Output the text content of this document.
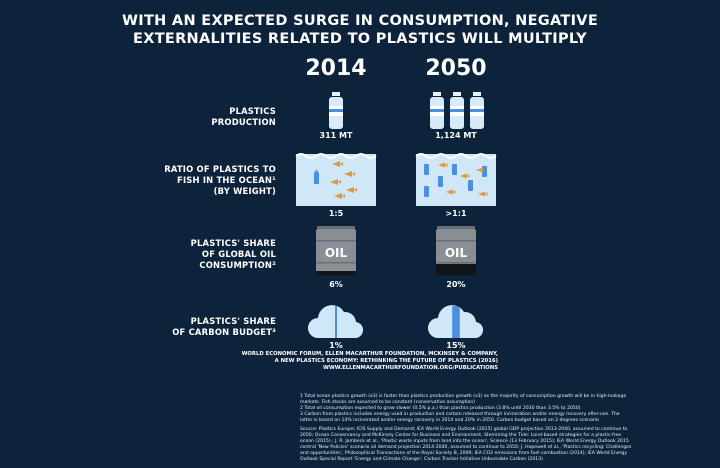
WITH AN EXPECTED SURGE IN CONSUMPTION, NEGATIVE
EXTERNALITIES RELATED TO PLASTICS WILL MULTIPLY
2014	2050
PLASTICS
PRODUCTION
311 MT	1,124 MT
RATIO OF PLASTICS TO
FISH IN THE OCEAN¹
(BY WEIGHT)
1:5	>1:1
PLASTICS' SHARE
OF GLOBAL OIL
CONSUMPTION²
OIL	OIL
6%	20%
PLASTICS' SHARE
OF CARBON BUDGET³
1%	15%
WORLD ECONOMIC FORUM, ELLEN MACARTHUR FOUNDATION, MCKINSEY & COMPANY,
A NEW PLASTICS ECONOMY: RETHINKING THE FUTURE OF PLASTICS (2016)
WWW.ELLENMACARTHURFOUNDATION.ORG/PUBLICATIONS
1 Total ocean plastics growth (x3) is faster than plastics production growth (x3) as the majority of consumption growth will be in high-leakage
markets. Fish stocks are assumed to be constant (conservative assumption)
2 Total oil consumption expected to grow slower (0.5% p.a.) than plastics production (3.8% until 2030 than 3.5% to 2050)
3 Carbon from plastics includes energy used in production and carbon released through incineration and/or energy recovery after-use. The
latter is based on 14% incinerated and/or energy recovery in 2014 and 20% in 2050. Carbon budget based on 2 degrees scenario
Source: Plastics Europe; ICIS Supply and Demand; IEA World Energy Outlook (2015) global GDP projection 2013-2040, assumed to continue to
2050; Ocean Conservancy and McKinsey Center for Business and Environment, Stemming the Tide: Land-based strategies for a plastic-free
ocean (2015).; J. R. Jambeck et al., 'Plastic waste inputs from land into the ocean', Science (13 February 2015); IEA World Energy Outlook 2015
central 'New Policies' scenario oil demand projection 2014-2040, assumed to continue to 2050; J. Hopewell et al., 'Plastics recycling: Challenges
and opportunities', Philosophical Transactions of the Royal Society B, 2009; IEA CO2 emissions from fuel combustion (2014); IEA World Energy
Outlook Special Report 'Energy and Climate Change'; Carbon Tracker Initiative Unburnable Carbon (2013)
